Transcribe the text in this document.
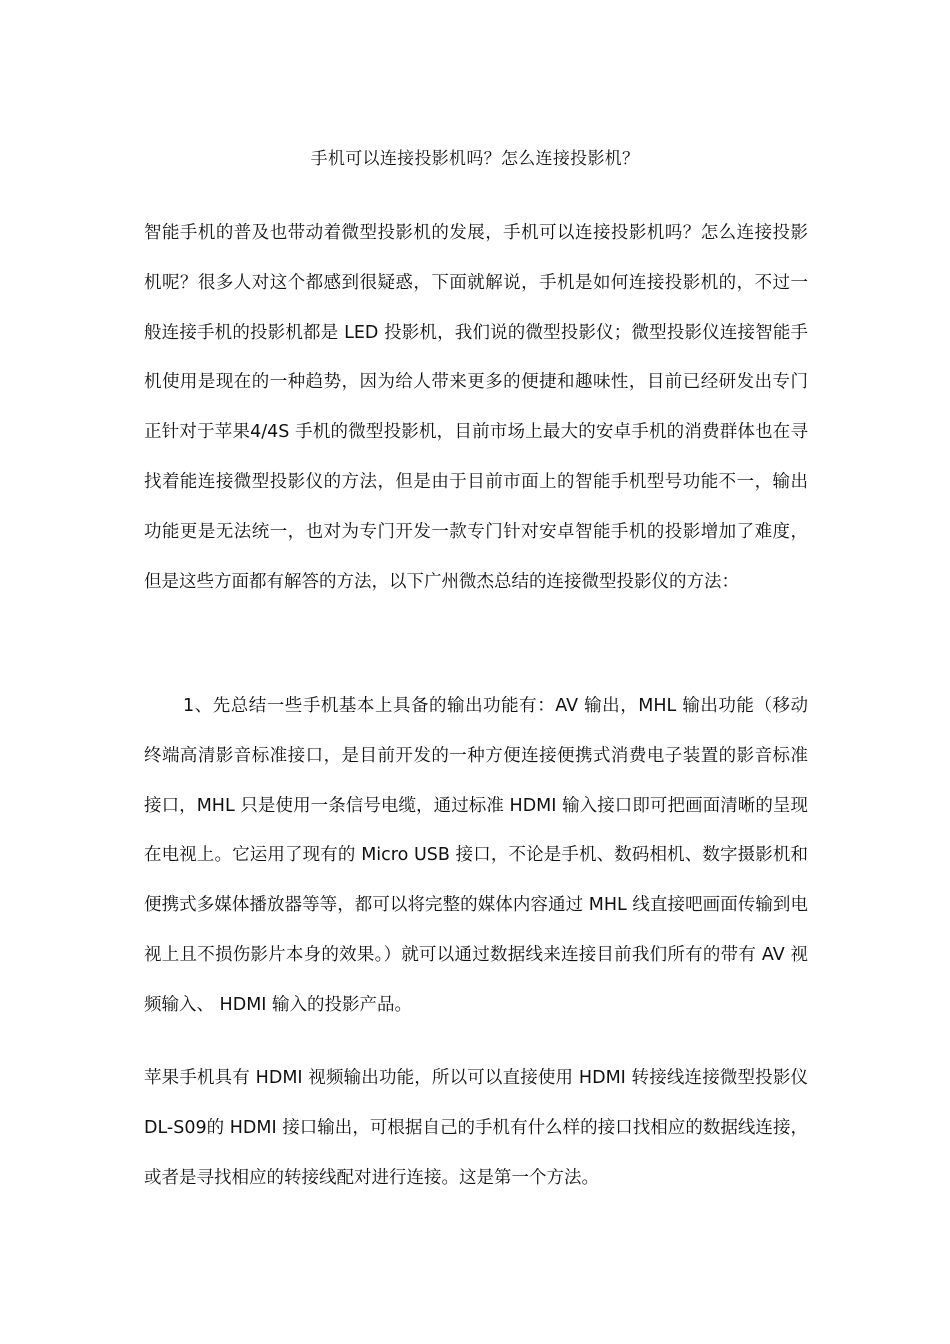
手机可以连接投影机吗？怎么连接投影机？
智能手机的普及也带动着微型投影机的发展，手机可以连接投影机吗？怎么连接投影机呢？很多人对这个都感到很疑惑，下面就解说，手机是如何连接投影机的，不过一般连接手机的投影机都是 LED 投影机，我们说的微型投影仪；微型投影仪连接智能手机使用是现在的一种趋势，因为给人带来更多的便捷和趣味性，目前已经研发出专门正针对于苹果4/4S 手机的微型投影机，目前市场上最大的安卓手机的消费群体也在寻找着能连接微型投影仪的方法，但是由于目前市面上的智能手机型号功能不一，输出功能更是无法统一，也对为专门开发一款专门针对安卓智能手机的投影增加了难度，但是这些方面都有解答的方法，以下广州微杰总结的连接微型投影仪的方法：
1、先总结一些手机基本上具备的输出功能有：AV 输出，MHL 输出功能（移动终端高清影音标准接口，是目前开发的一种方便连接便携式消费电子装置的影音标准接口，MHL 只是使用一条信号电缆，通过标准 HDMI 输入接口即可把画面清晰的呈现在电视上。它运用了现有的 Micro USB 接口，不论是手机、数码相机、数字摄影机和便携式多媒体播放器等等，都可以将完整的媒体内容通过 MHL 线直接吧画面传输到电视上且不损伤影片本身的效果。）就可以通过数据线来连接目前我们所有的带有 AV 视频输入、 HDMI 输入的投影产品。
苹果手机具有 HDMI 视频输出功能，所以可以直接使用 HDMI 转接线连接微型投影仪 DL-S09的 HDMI 接口输出，可根据自己的手机有什么样的接口找相应的数据线连接，或者是寻找相应的转接线配对进行连接。这是第一个方法。
